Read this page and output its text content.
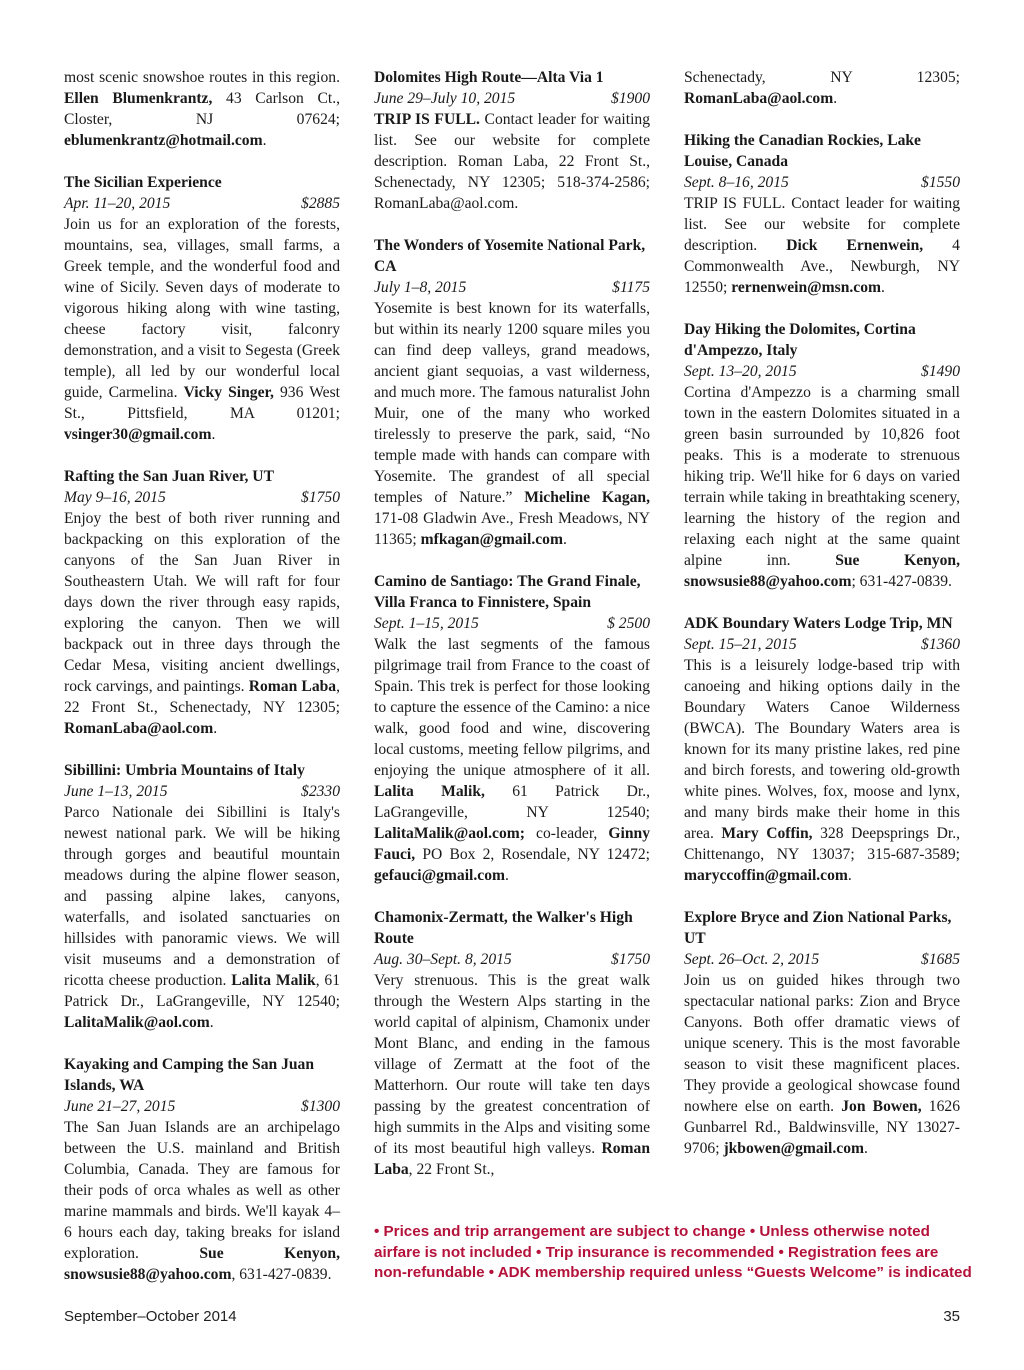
most scenic snowshoe routes in this region. Ellen Blumenkrantz, 43 Carlson Ct., Closter, NJ 07624; eblumenkrantz@hotmail.com.
The Sicilian Experience
Apr. 11–20, 2015	$2885
Join us for an exploration of the forests, mountains, sea, villages, small farms, a Greek temple, and the wonderful food and wine of Sicily. Seven days of moderate to vigorous hiking along with wine tasting, cheese factory visit, falconry demonstration, and a visit to Segesta (Greek temple), all led by our wonderful local guide, Carmelina. Vicky Singer, 936 West St., Pittsfield, MA 01201; vsinger30@gmail.com.
Rafting the San Juan River, UT
May 9–16, 2015	$1750
Enjoy the best of both river running and backpacking on this exploration of the canyons of the San Juan River in Southeastern Utah. We will raft for four days down the river through easy rapids, exploring the canyon. Then we will backpack out in three days through the Cedar Mesa, visiting ancient dwellings, rock carvings, and paintings. Roman Laba, 22 Front St., Schenectady, NY 12305; RomanLaba@aol.com.
Sibillini: Umbria Mountains of Italy
June 1–13, 2015	$2330
Parco Nationale dei Sibillini is Italy's newest national park. We will be hiking through gorges and beautiful mountain meadows during the alpine flower season, and passing alpine lakes, canyons, waterfalls, and isolated sanctuaries on hillsides with panoramic views. We will visit museums and a demonstration of ricotta cheese production. Lalita Malik, 61 Patrick Dr., LaGrangeville, NY 12540; LalitaMalik@aol.com.
Kayaking and Camping the San Juan Islands, WA
June 21–27, 2015	$1300
The San Juan Islands are an archipelago between the U.S. mainland and British Columbia, Canada. They are famous for their pods of orca whales as well as other marine mammals and birds. We'll kayak 4–6 hours each day, taking breaks for island exploration.	Sue Kenyon, snowsusie88@yahoo.com, 631-427-0839.
Dolomites High Route—Alta Via 1
June 29–July 10, 2015	$1900
TRIP IS FULL. Contact leader for waiting list. See our website for complete description. Roman Laba, 22 Front St., Schenectady, NY 12305; 518-374-2586; RomanLaba@aol.com.
The Wonders of Yosemite National Park, CA
July 1–8, 2015	$1175
Yosemite is best known for its waterfalls, but within its nearly 1200 square miles you can find deep valleys, grand meadows, ancient giant sequoias, a vast wilderness, and much more. The famous naturalist John Muir, one of the many who worked tirelessly to preserve the park, said, “No temple made with hands can compare with Yosemite. The grandest of all special temples of Nature.” Micheline Kagan, 171-08 Gladwin Ave., Fresh Meadows, NY 11365; mfkagan@gmail.com.
Camino de Santiago: The Grand Finale, Villa Franca to Finnistere, Spain
Sept. 1–15, 2015	$ 2500
Walk the last segments of the famous pilgrimage trail from France to the coast of Spain. This trek is perfect for those looking to capture the essence of the Camino: a nice walk, good food and wine, discovering local customs, meeting fellow pilgrims, and enjoying the unique atmosphere of it all. Lalita Malik, 61 Patrick Dr., LaGrangeville, NY 12540; LalitaMalik@aol.com; co-leader, Ginny Fauci, PO Box 2, Rosendale, NY 12472; gefauci@gmail.com.
Chamonix-Zermatt, the Walker's High Route
Aug. 30–Sept. 8, 2015	$1750
Very strenuous. This is the great walk through the Western Alps starting in the world capital of alpinism, Chamonix under Mont Blanc, and ending in the famous village of Zermatt at the foot of the Matterhorn. Our route will take ten days passing by the greatest concentration of high summits in the Alps and visiting some of its most beautiful high valleys. Roman Laba, 22 Front St.,
Schenectady, NY 12305; RomanLaba@aol.com.
Hiking the Canadian Rockies, Lake Louise, Canada
Sept. 8–16, 2015	$1550
TRIP IS FULL. Contact leader for waiting list. See our website for complete description. Dick Ernenwein, 4 Commonwealth Ave., Newburgh, NY 12550; rernenwein@msn.com.
Day Hiking the Dolomites, Cortina d'Ampezzo, Italy
Sept. 13–20, 2015	$1490
Cortina d'Ampezzo is a charming small town in the eastern Dolomites situated in a green basin surrounded by 10,826 foot peaks. This is a moderate to strenuous hiking trip. We'll hike for 6 days on varied terrain while taking in breathtaking scenery, learning the history of the region and relaxing each night at the same quaint alpine inn.	Sue Kenyon, snowsusie88@yahoo.com; 631-427-0839.
ADK Boundary Waters Lodge Trip, MN
Sept. 15–21, 2015	$1360
This is a leisurely lodge-based trip with canoeing and hiking options daily in the Boundary Waters Canoe Wilderness (BWCA). The Boundary Waters area is known for its many pristine lakes, red pine and birch forests, and towering old-growth white pines. Wolves, fox, moose and lynx, and many birds make their home in this area. Mary Coffin, 328 Deepsprings Dr., Chittenango, NY 13037; 315-687-3589; maryccoffin@gmail.com.
Explore Bryce and Zion National Parks, UT
Sept. 26–Oct. 2, 2015	$1685
Join us on guided hikes through two spectacular national parks: Zion and Bryce Canyons. Both offer dramatic views of unique scenery. This is the most favorable season to visit these magnificent places. They provide a geological showcase found nowhere else on earth. Jon Bowen, 1626 Gunbarrel Rd., Baldwinsville, NY 13027-9706; jkbowen@gmail.com.
• Prices and trip arrangement are subject to change • Unless otherwise noted
airfare is not included • Trip insurance is recommended • Registration fees are
non-refundable • ADK membership required unless “Guests Welcome” is indicated
September–October 2014	35
